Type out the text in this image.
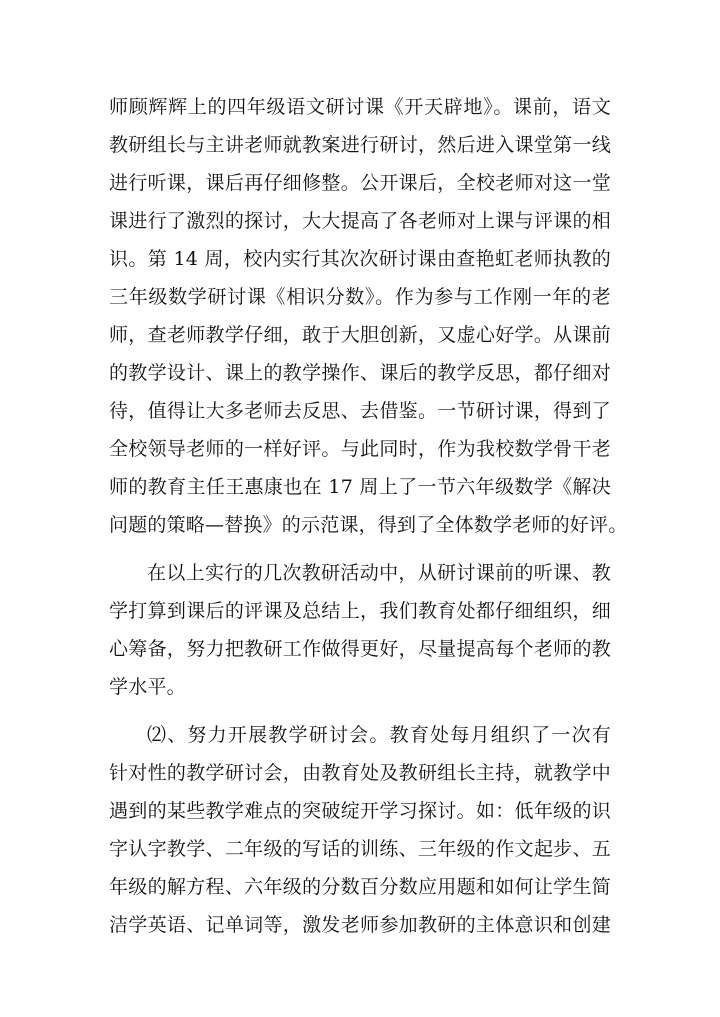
师顾辉辉上的四年级语文研讨课《开天辟地》。课前，语文
教研组长与主讲老师就教案进行研讨，然后进入课堂第一线
进行听课，课后再仔细修整。公开课后，全校老师对这一堂
课进行了激烈的探讨，大大提高了各老师对上课与评课的相
识。第 14 周，校内实行其次次研讨课由查艳虹老师执教的
三年级数学研讨课《相识分数》。作为参与工作刚一年的老
师，查老师教学仔细，敢于大胆创新，又虚心好学。从课前
的教学设计、课上的教学操作、课后的教学反思，都仔细对
待，值得让大多老师去反思、去借鉴。一节研讨课，得到了
全校领导老师的一样好评。与此同时，作为我校数学骨干老
师的教育主任王惠康也在 17 周上了一节六年级数学《解决
问题的策略—替换》的示范课，得到了全体数学老师的好评。
在以上实行的几次教研活动中，从研讨课前的听课、教
学打算到课后的评课及总结上，我们教育处都仔细组织，细
心筹备，努力把教研工作做得更好，尽量提高每个老师的教
学水平。
⑵、努力开展教学研讨会。教育处每月组织了一次有
针对性的教学研讨会，由教育处及教研组长主持，就教学中
遇到的某些教学难点的突破绽开学习探讨。如：低年级的识
字认字教学、二年级的写话的训练、三年级的作文起步、五
年级的解方程、六年级的分数百分数应用题和如何让学生简
洁学英语、记单词等，激发老师参加教研的主体意识和创建
